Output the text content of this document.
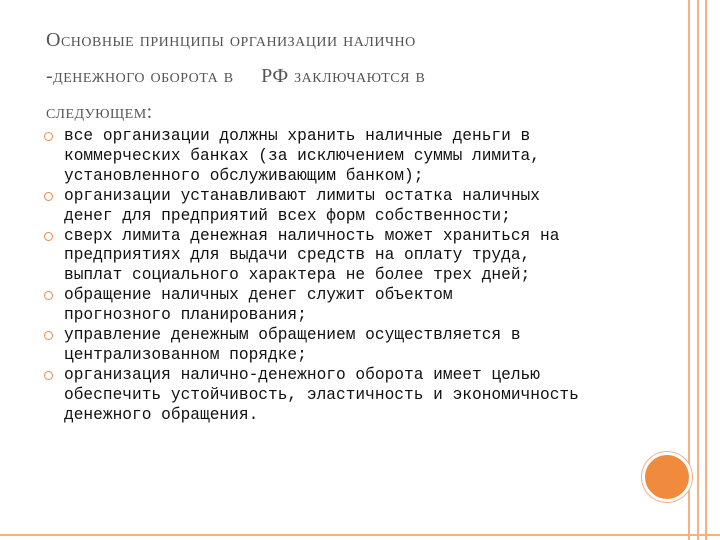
Основные принципы организации налично
-денежного оборота в     РФ заключаются в
следующем:
все организации должны хранить наличные деньги в
коммерческих банках (за исключением суммы лимита,
установленного обслуживающим банком);
организации устанавливают лимиты остатка наличных
денег для предприятий всех форм собственности;
сверх лимита денежная наличность может храниться на
предприятиях для выдачи средств на оплату труда,
выплат социального характера не более трех дней;
обращение наличных денег служит объектом
прогнозного планирования;
управление денежным обращением осуществляется в
централизованном порядке;
организация налично-денежного оборота имеет целью
обеспечить устойчивость, эластичность и экономичность
денежного обращения.
